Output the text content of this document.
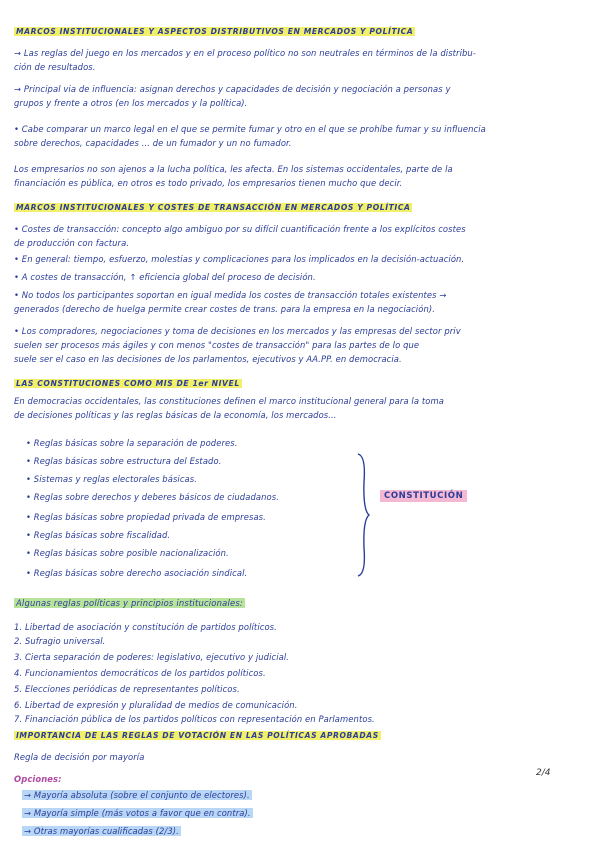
MARCOS INSTITUCIONALES Y ASPECTOS DISTRIBUTIVOS EN MERCADOS Y POLÍTICA
→ Las reglas del juego en los mercados y en el proceso político no son neutrales en términos de la distribu-
ción de resultados.
→ Principal via de influencia: asignan derechos y capacidades de decisión y negociación a personas y
grupos y frente a otros (en los mercados y la política).
• Cabe comparar un marco legal en el que se permite fumar y otro en el que se prohíbe fumar y su influencia
sobre derechos, capacidades ... de un fumador y un no fumador.
Los empresarios no son ajenos a la lucha política, les afecta. En los sistemas occidentales, parte de la
financiación es pública, en otros es todo privado, los empresarios tienen mucho que decir.
MARCOS INSTITUCIONALES Y COSTES DE TRANSACCIÓN EN MERCADOS Y POLÍTICA
• Costes de transacción: concepto algo ambiguo por su difícil cuantificación frente a los explícitos costes
de producción con factura.
• En general: tiempo, esfuerzo, molestias y complicaciones para los implicados en la decisión-actuación.
• A costes de transacción, ↑ eficiencia global del proceso de decisión.
• No todos los participantes soportan en igual medida los costes de transacción totales existentes →
generados (derecho de huelga permite crear costes de trans. para la empresa en la negociación).
• Los compradores, negociaciones y toma de decisiones en los mercados y las empresas del sector priv
suelen ser procesos más ágiles y con menos "costes de transacción" para las partes de lo que
suele ser el caso en las decisiones de los parlamentos, ejecutivos y AA.PP. en democracia.
LAS CONSTITUCIONES COMO MIS DE 1er NIVEL
En democracias occidentales, las constituciones definen el marco institucional general para la toma
de decisiones políticas y las reglas básicas de la economía, los mercados...
• Reglas básicas sobre la separación de poderes.
• Reglas básicas sobre estructura del Estado.
• Sistemas y reglas electorales básicas.
• Reglas sobre derechos y deberes básicos de ciudadanos.
• Reglas básicas sobre propiedad privada de empresas.
• Reglas básicas sobre fiscalidad.
• Reglas básicas sobre posible nacionalización.
• Reglas básicas sobre derecho asociación sindical.
CONSTITUCIÓN
Algunas reglas políticas y principios institucionales:
1. Libertad de asociación y constitución de partidos políticos.
2. Sufragio universal.
3. Cierta separación de poderes: legislativo, ejecutivo y judicial.
4. Funcionamientos democráticos de los partidos políticos.
5. Elecciones periódicas de representantes políticos.
6. Libertad de expresión y pluralidad de medios de comunicación.
7. Financiación pública de los partidos políticos con representación en Parlamentos.
IMPORTANCIA DE LAS REGLAS DE VOTACIÓN EN LAS POLÍTICAS APROBADAS
Regla de decisión por mayoría
Opciones:
→ Mayoría absoluta (sobre el conjunto de electores).
→ Mayoría simple (más votos a favor que en contra).
→ Otras mayorías cualificadas (2/3).
2/4
